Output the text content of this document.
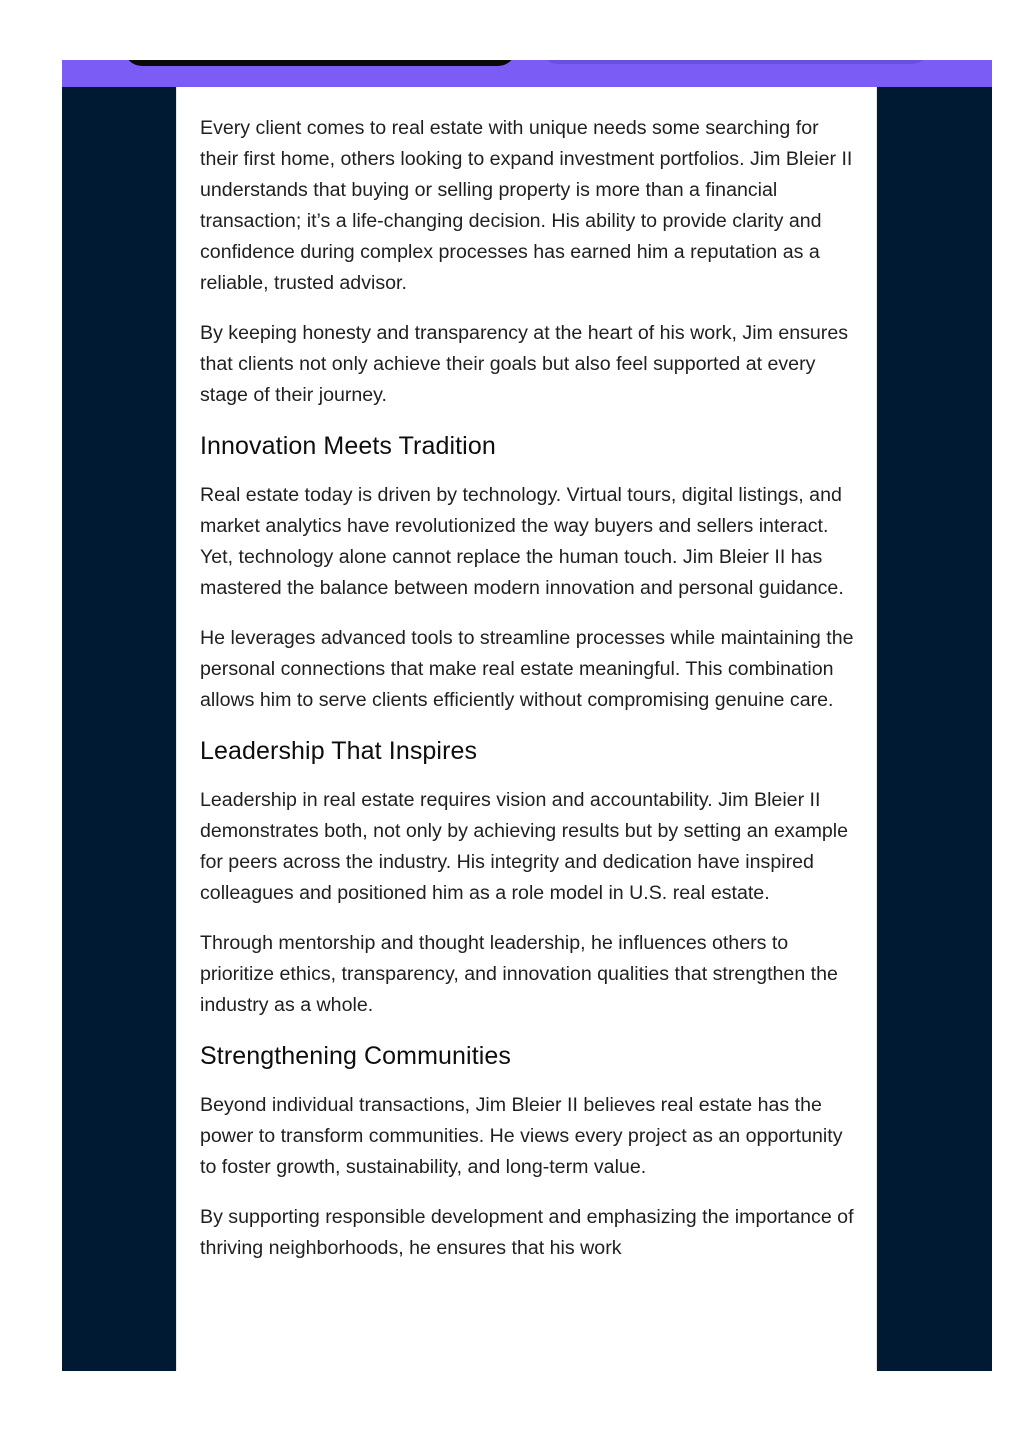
Every client comes to real estate with unique needs some searching for their first home, others looking to expand investment portfolios. Jim Bleier II understands that buying or selling property is more than a financial transaction; it’s a life-changing decision. His ability to provide clarity and confidence during complex processes has earned him a reputation as a reliable, trusted advisor.

By keeping honesty and transparency at the heart of his work, Jim ensures that clients not only achieve their goals but also feel supported at every stage of their journey.

Innovation Meets Tradition

Real estate today is driven by technology. Virtual tours, digital listings, and market analytics have revolutionized the way buyers and sellers interact. Yet, technology alone cannot replace the human touch. Jim Bleier II has mastered the balance between modern innovation and personal guidance.

He leverages advanced tools to streamline processes while maintaining the personal connections that make real estate meaningful. This combination allows him to serve clients efficiently without compromising genuine care.

Leadership That Inspires

Leadership in real estate requires vision and accountability. Jim Bleier II demonstrates both, not only by achieving results but by setting an example for peers across the industry. His integrity and dedication have inspired colleagues and positioned him as a role model in U.S. real estate.

Through mentorship and thought leadership, he influences others to prioritize ethics, transparency, and innovation qualities that strengthen the industry as a whole.

Strengthening Communities

Beyond individual transactions, Jim Bleier II believes real estate has the power to transform communities. He views every project as an opportunity to foster growth, sustainability, and long-term value.

By supporting responsible development and emphasizing the importance of thriving neighborhoods, he ensures that his work
